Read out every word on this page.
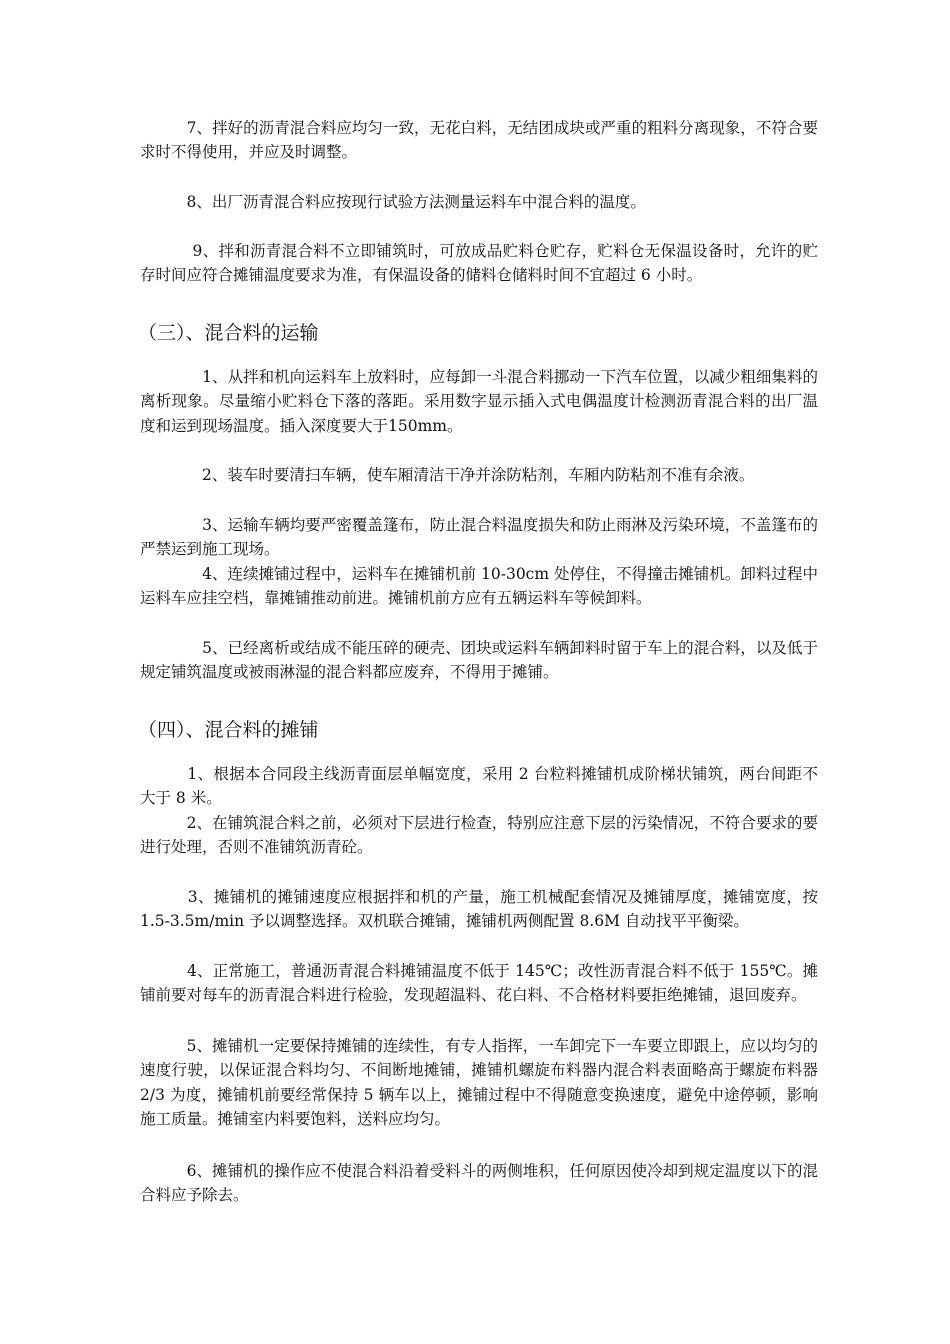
　　　7、拌好的沥青混合料应均匀一致，无花白料，无结团成块或严重的粗料分离现象，不符合要求时不得使用，并应及时调整。

　　　8、出厂沥青混合料应按现行试验方法测量运料车中混合料的温度。

　　　 9、拌和沥青混合料不立即铺筑时，可放成品贮料仓贮存，贮料仓无保温设备时，允许的贮存时间应符合摊铺温度要求为准，有保温设备的储料仓储料时间不宜超过 6 小时。

（三）、混合料的运输

　　　　1、从拌和机向运料车上放料时，应每卸一斗混合料挪动一下汽车位置，以减少粗细集料的离析现象。尽量缩小贮料仓下落的落距。采用数字显示插入式电偶温度计检测沥青混合料的出厂温度和运到现场温度。插入深度要大于150mm。

　　　　2、装车时要清扫车辆，使车厢清洁干净并涂防粘剂，车厢内防粘剂不准有余液。

　　　　3、运输车辆均要严密覆盖篷布，防止混合料温度损失和防止雨淋及污染环境，不盖篷布的严禁运到施工现场。

　　　　4、连续摊铺过程中，运料车在摊铺机前 10-30cm 处停住，不得撞击摊铺机。卸料过程中运料车应挂空档，靠摊铺推动前进。摊铺机前方应有五辆运料车等候卸料。

　　　　5、已经离析或结成不能压碎的硬壳、团块或运料车辆卸料时留于车上的混合料，以及低于规定铺筑温度或被雨淋湿的混合料都应废弃，不得用于摊铺。

（四）、混合料的摊铺

　　　1、根据本合同段主线沥青面层单幅宽度，采用 2 台粒料摊铺机成阶梯状铺筑，两台间距不大于 8 米。

　　　2、在铺筑混合料之前，必须对下层进行检查，特别应注意下层的污染情况，不符合要求的要进行处理，否则不准铺筑沥青砼。

　　　3、摊铺机的摊铺速度应根据拌和机的产量，施工机械配套情况及摊铺厚度，摊铺宽度，按 1.5-3.5m/min 予以调整选择。双机联合摊铺，摊铺机两侧配置 8.6M 自动找平平衡梁。

　　　4、正常施工，普通沥青混合料摊铺温度不低于 145℃；改性沥青混合料不低于 155℃。摊铺前要对每车的沥青混合料进行检验，发现超温料、花白料、不合格材料要拒绝摊铺，退回废弃。

　　　5、摊铺机一定要保持摊铺的连续性，有专人指挥，一车卸完下一车要立即跟上，应以均匀的速度行驶，以保证混合料均匀、不间断地摊铺，摊铺机螺旋布料器内混合料表面略高于螺旋布料器 2/3 为度，摊铺机前要经常保持 5 辆车以上，摊铺过程中不得随意变换速度，避免中途停顿，影响施工质量。摊铺室内料要饱料，送料应均匀。

　　　6、摊铺机的操作应不使混合料沿着受料斗的两侧堆积，任何原因使冷却到规定温度以下的混合料应予除去。
